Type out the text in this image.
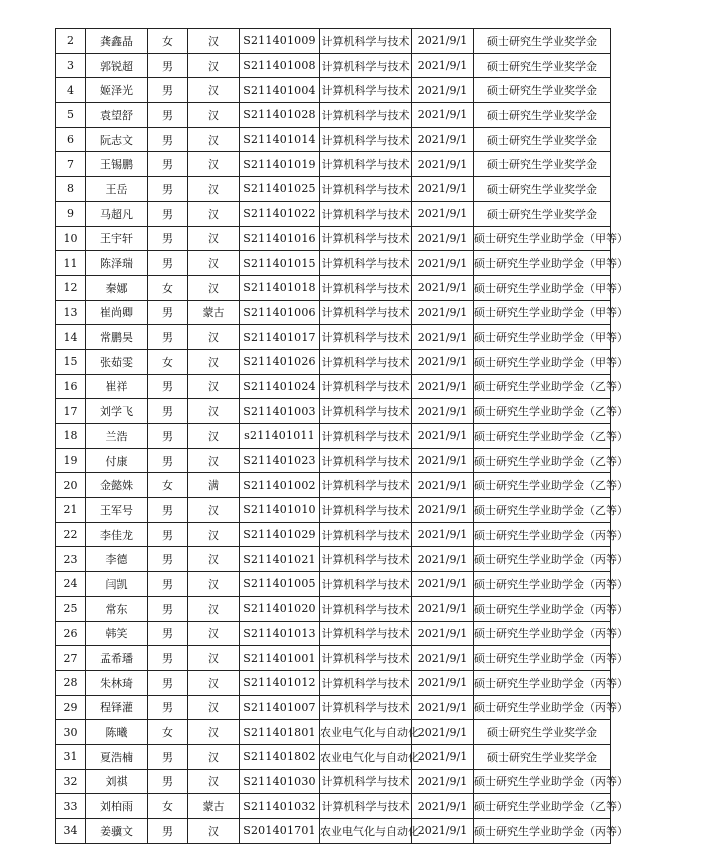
2	龚鑫晶	女	汉	S211401009	计算机科学与技术	2021/9/1	硕士研究生学业奖学金
3	郭锐超	男	汉	S211401008	计算机科学与技术	2021/9/1	硕士研究生学业奖学金
4	姬泽光	男	汉	S211401004	计算机科学与技术	2021/9/1	硕士研究生学业奖学金
5	袁望舒	男	汉	S211401028	计算机科学与技术	2021/9/1	硕士研究生学业奖学金
6	阮志文	男	汉	S211401014	计算机科学与技术	2021/9/1	硕士研究生学业奖学金
7	王锡鹏	男	汉	S211401019	计算机科学与技术	2021/9/1	硕士研究生学业奖学金
8	王岳	男	汉	S211401025	计算机科学与技术	2021/9/1	硕士研究生学业奖学金
9	马超凡	男	汉	S211401022	计算机科学与技术	2021/9/1	硕士研究生学业奖学金
10	王宇轩	男	汉	S211401016	计算机科学与技术	2021/9/1	硕士研究生学业助学金（甲等）
11	陈泽瑞	男	汉	S211401015	计算机科学与技术	2021/9/1	硕士研究生学业助学金（甲等）
12	秦娜	女	汉	S211401018	计算机科学与技术	2021/9/1	硕士研究生学业助学金（甲等）
13	崔尚卿	男	蒙古	S211401006	计算机科学与技术	2021/9/1	硕士研究生学业助学金（甲等）
14	常鹏昊	男	汉	S211401017	计算机科学与技术	2021/9/1	硕士研究生学业助学金（甲等）
15	张茹雯	女	汉	S211401026	计算机科学与技术	2021/9/1	硕士研究生学业助学金（甲等）
16	崔祥	男	汉	S211401024	计算机科学与技术	2021/9/1	硕士研究生学业助学金（乙等）
17	刘学飞	男	汉	S211401003	计算机科学与技术	2021/9/1	硕士研究生学业助学金（乙等）
18	兰浩	男	汉	s211401011	计算机科学与技术	2021/9/1	硕士研究生学业助学金（乙等）
19	付康	男	汉	S211401023	计算机科学与技术	2021/9/1	硕士研究生学业助学金（乙等）
20	金懿姝	女	满	S211401002	计算机科学与技术	2021/9/1	硕士研究生学业助学金（乙等）
21	王军号	男	汉	S211401010	计算机科学与技术	2021/9/1	硕士研究生学业助学金（乙等）
22	李佳龙	男	汉	S211401029	计算机科学与技术	2021/9/1	硕士研究生学业助学金（丙等）
23	李德	男	汉	S211401021	计算机科学与技术	2021/9/1	硕士研究生学业助学金（丙等）
24	闫凯	男	汉	S211401005	计算机科学与技术	2021/9/1	硕士研究生学业助学金（丙等）
25	常东	男	汉	S211401020	计算机科学与技术	2021/9/1	硕士研究生学业助学金（丙等）
26	韩笑	男	汉	S211401013	计算机科学与技术	2021/9/1	硕士研究生学业助学金（丙等）
27	孟希璠	男	汉	S211401001	计算机科学与技术	2021/9/1	硕士研究生学业助学金（丙等）
28	朱林琦	男	汉	S211401012	计算机科学与技术	2021/9/1	硕士研究生学业助学金（丙等）
29	程铎灌	男	汉	S211401007	计算机科学与技术	2021/9/1	硕士研究生学业助学金（丙等）
30	陈曦	女	汉	S211401801	农业电气化与自动化	2021/9/1	硕士研究生学业奖学金
31	夏浩楠	男	汉	S211401802	农业电气化与自动化	2021/9/1	硕士研究生学业奖学金
32	刘祺	男	汉	S211401030	计算机科学与技术	2021/9/1	硕士研究生学业助学金（丙等）
33	刘柏雨	女	蒙古	S211401032	计算机科学与技术	2021/9/1	硕士研究生学业助学金（乙等）
34	姜骥文	男	汉	S201401701	农业电气化与自动化	2021/9/1	硕士研究生学业助学金（丙等）
